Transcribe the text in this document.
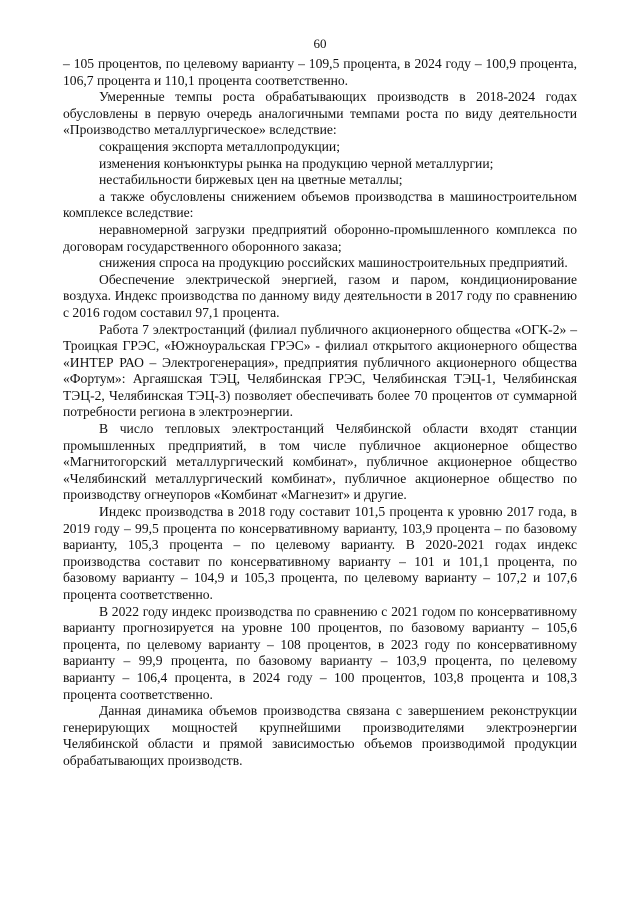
60

– 105 процентов, по целевому варианту – 109,5 процента, в 2024 году – 100,9 процента, 106,7 процента и 110,1 процента соответственно.

Умеренные темпы роста обрабатывающих производств в 2018-2024 годах обусловлены в первую очередь аналогичными темпами роста по виду деятельности «Производство металлургическое» вследствие:

сокращения экспорта металлопродукции;

изменения конъюнктуры рынка на продукцию черной металлургии;

нестабильности биржевых цен на цветные металлы;

а также обусловлены снижением объемов производства в машиностроительном комплексе вследствие:

неравномерной загрузки предприятий оборонно-промышленного комплекса по договорам государственного оборонного заказа;

снижения спроса на продукцию российских машиностроительных предприятий.

Обеспечение электрической энергией, газом и паром, кондиционирование воздуха. Индекс производства по данному виду деятельности в 2017 году по сравнению с 2016 годом составил 97,1 процента.

Работа 7 электростанций (филиал публичного акционерного общества «ОГК-2» – Троицкая ГРЭС, «Южноуральская ГРЭС» - филиал открытого акционерного общества «ИНТЕР РАО – Электрогенерация», предприятия публичного акционерного общества «Фортум»: Аргаяшская ТЭЦ, Челябинская ГРЭС, Челябинская ТЭЦ-1, Челябинская ТЭЦ-2, Челябинская ТЭЦ-3) позволяет обеспечивать более 70 процентов от суммарной потребности региона в электроэнергии.

В число тепловых электростанций Челябинской области входят станции промышленных предприятий, в том числе публичное акционерное общество «Магнитогорский металлургический комбинат», публичное акционерное общество «Челябинский металлургический комбинат», публичное акционерное общество по производству огнеупоров «Комбинат «Магнезит» и другие.

Индекс производства в 2018 году составит 101,5 процента к уровню 2017 года, в 2019 году – 99,5 процента по консервативному варианту, 103,9 процента – по базовому варианту, 105,3 процента – по целевому варианту. В 2020-2021 годах индекс производства составит по консервативному варианту – 101 и 101,1 процента, по базовому варианту – 104,9 и 105,3 процента, по целевому варианту – 107,2 и 107,6 процента соответственно.

В 2022 году индекс производства по сравнению с 2021 годом по консервативному варианту прогнозируется на уровне 100 процентов, по базовому варианту – 105,6 процента, по целевому варианту – 108 процентов, в 2023 году по консервативному варианту – 99,9 процента, по базовому варианту – 103,9 процента, по целевому варианту – 106,4 процента, в 2024 году – 100 процентов, 103,8 процента и 108,3 процента соответственно.

Данная динамика объемов производства связана с завершением реконструкции генерирующих мощностей крупнейшими производителями электроэнергии Челябинской области и прямой зависимостью объемов производимой продукции обрабатывающих производств.
